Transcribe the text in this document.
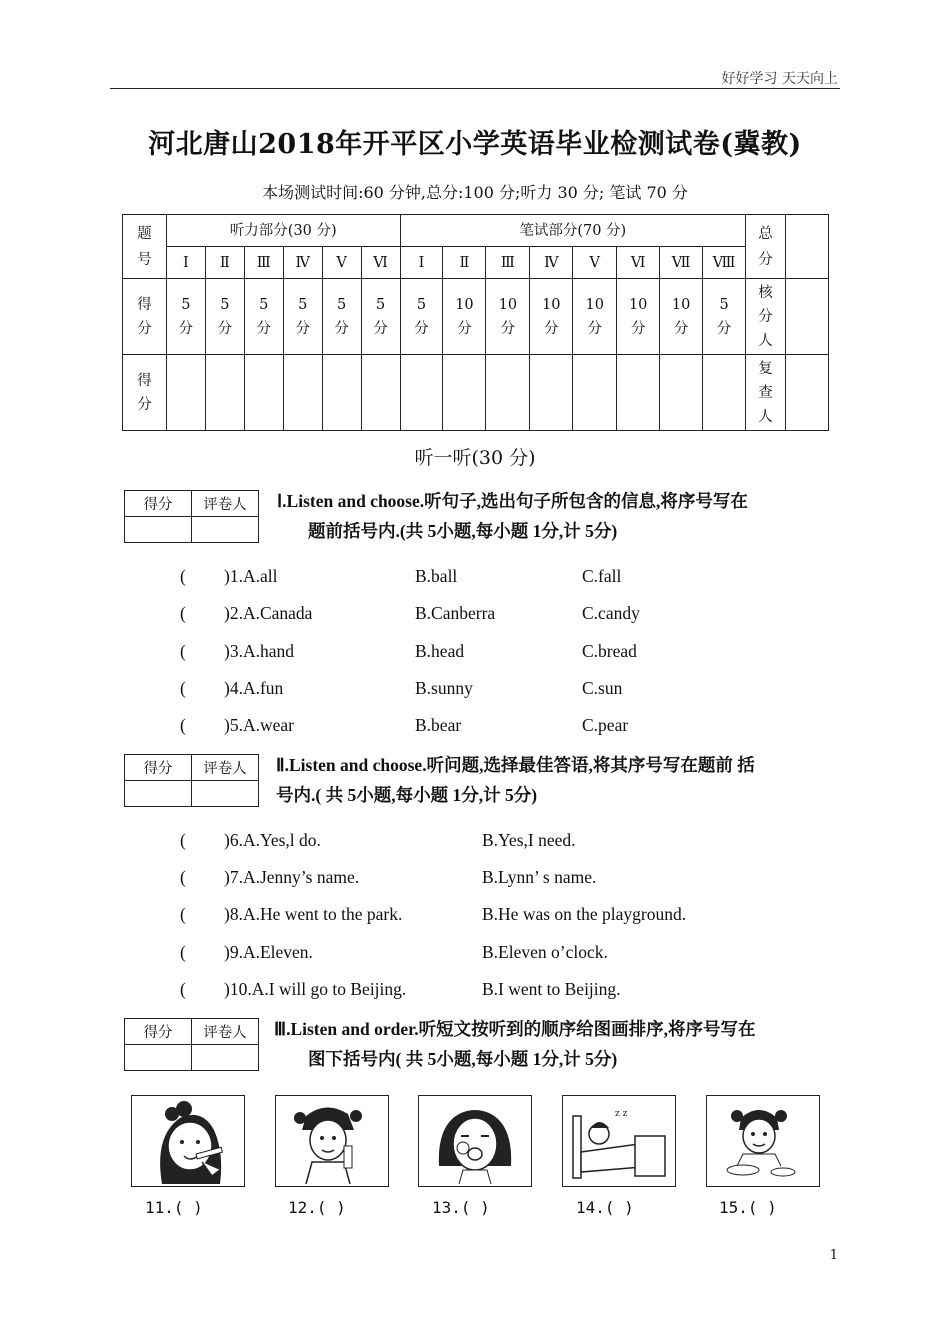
好好学习 天天向上
河北唐山2018年开平区小学英语毕业检测试卷(冀教)
本场测试时间:60 分钟,总分:100 分;听力 30 分; 笔试 70 分
题号	听力部分(30 分)						笔试部分(70 分)								总分	

	Ⅰ	Ⅱ	Ⅲ	Ⅳ	Ⅴ	Ⅵ	Ⅰ	Ⅱ	Ⅲ	Ⅳ	Ⅴ	Ⅵ	Ⅶ	Ⅷ		

得分	5 分	5 分	5 分	5 分	5 分	5 分	5 分	10 分	10 分	10 分	10 分	10 分	10 分	5 分	核分人	

得分															复查人	

听一听(30 分)
得分	评卷人
	Ⅰ.Listen and choose.听句子,选出句子所包含的信息,将序号写在
题前括号内.(共 5小题,每小题 1分,计 5分)
( )1.A.all	B.ball	C.fall
( )2.A.Canada	B.Canberra	C.candy
( )3.A.hand	B.head	C.bread
( )4.A.fun	B.sunny	C.sun
( )5.A.wear	B.bear	C.pear
得分	评卷人
	Ⅱ.Listen and choose.听问题,选择最佳答语,将其序号写在题前 括
号内.( 共 5小题,每小题 1分,计 5分)
( )6.A.Yes,l do.	B.Yes,I need.
( )7.A.Jenny’s name.	B.Lynn’ s name.
( )8.A.He went to the park.	B.He was on the playground.
( )9.A.Eleven.	B.Eleven o’clock.
( )10.A.I will go to Beijing.	B.I went to Beijing.
得分	评卷人
	Ⅲ.Listen and order.听短文按听到的顺序给图画排序,将序号写在
图下括号内( 共 5小题,每小题 1分,计 5分)
z z
11.( )	12.( )	13.( )	14.( )	15.( )
1
